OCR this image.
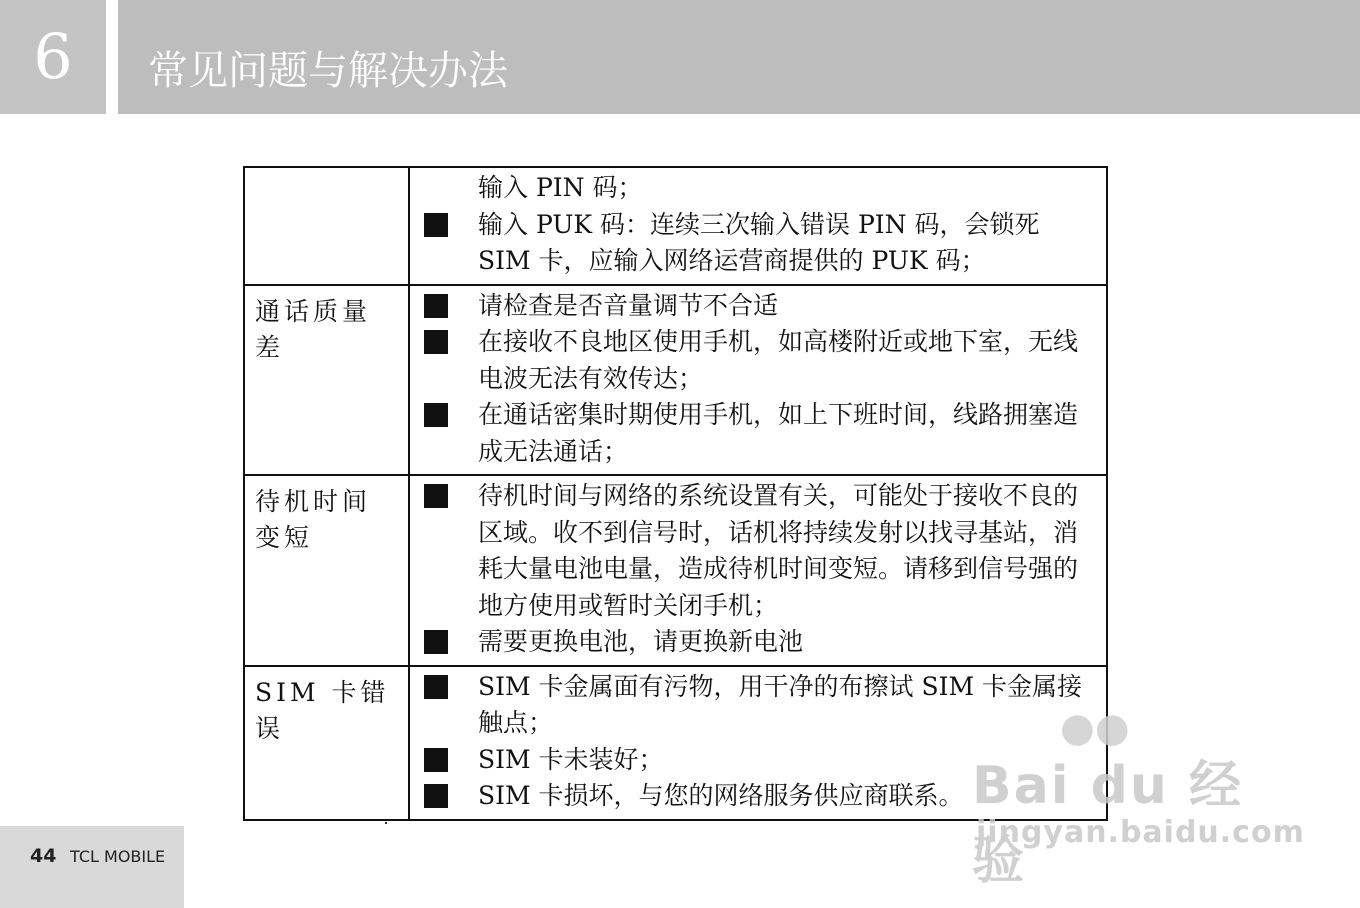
6	常见问题与解决办法

	输入 PIN 码；
输入 PUK 码：连续三次输入错误 PIN 码，会锁死 SIM 卡，应输入网络运营商提供的 PUK 码；

通话质量差	请检查是否音量调节不合适
在接收不良地区使用手机，如高楼附近或地下室，无线电波无法有效传达；
在通话密集时期使用手机，如上下班时间，线路拥塞造成无法通话；

待机时间变短	待机时间与网络的系统设置有关，可能处于接收不良的区域。收不到信号时，话机将持续发射以找寻基站，消耗大量电池电量，造成待机时间变短。请移到信号强的地方使用或暂时关闭手机；
需要更换电池，请更换新电池

SIM 卡错误	SIM 卡金属面有污物，用干净的布擦试 SIM 卡金属接触点；
SIM 卡未装好；
SIM 卡损坏，与您的网络服务供应商联系。
●●
Bai du 经验
jingyan.baidu.com
44 TCL MOBILE
